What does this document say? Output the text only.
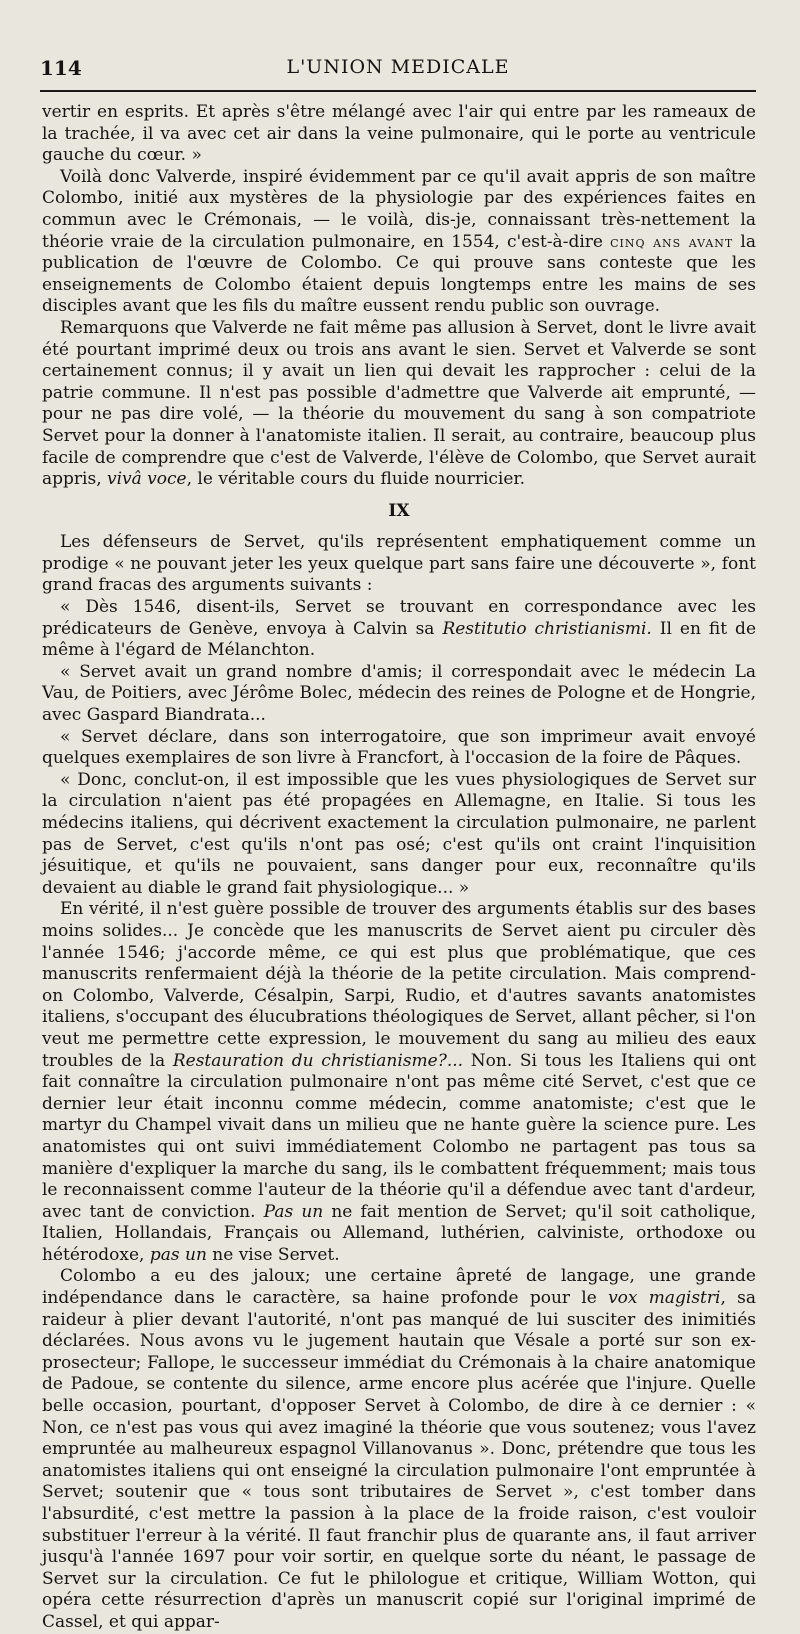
114	L'UNION MEDICALE

vertir en esprits. Et après s'être mélangé avec l'air qui entre par les rameaux de la trachée, il va avec cet air dans la veine pulmonaire, qui le porte au ventricule gauche du cœur. »

Voilà donc Valverde, inspiré évidemment par ce qu'il avait appris de son maître Colombo, initié aux mystères de la physiologie par des expériences faites en commun avec le Crémonais, — le voilà, dis-je, connaissant très-nettement la théorie vraie de la circulation pulmonaire, en 1554, c'est-à-dire cinq ans avant la publication de l'œuvre de Colombo. Ce qui prouve sans conteste que les enseignements de Colombo étaient depuis longtemps entre les mains de ses disciples avant que les fils du maître eussent rendu public son ouvrage.

Remarquons que Valverde ne fait même pas allusion à Servet, dont le livre avait été pourtant imprimé deux ou trois ans avant le sien. Servet et Valverde se sont certainement connus; il y avait un lien qui devait les rapprocher : celui de la patrie commune. Il n'est pas possible d'admettre que Valverde ait emprunté, — pour ne pas dire volé, — la théorie du mouvement du sang à son compatriote Servet pour la donner à l'anatomiste italien. Il serait, au contraire, beaucoup plus facile de comprendre que c'est de Valverde, l'élève de Colombo, que Servet aurait appris, vivâ voce, le véritable cours du fluide nourricier.

IX

Les défenseurs de Servet, qu'ils représentent emphatiquement comme un prodige « ne pouvant jeter les yeux quelque part sans faire une découverte », font grand fracas des arguments suivants :

« Dès 1546, disent-ils, Servet se trouvant en correspondance avec les prédicateurs de Genève, envoya à Calvin sa Restitutio christianismi. Il en fit de même à l'égard de Mélanchton.

« Servet avait un grand nombre d'amis; il correspondait avec le médecin La Vau, de Poitiers, avec Jérôme Bolec, médecin des reines de Pologne et de Hongrie, avec Gaspard Biandrata...

« Servet déclare, dans son interrogatoire, que son imprimeur avait envoyé quelques exemplaires de son livre à Francfort, à l'occasion de la foire de Pâques.

« Donc, conclut-on, il est impossible que les vues physiologiques de Servet sur la circulation n'aient pas été propagées en Allemagne, en Italie. Si tous les médecins italiens, qui décrivent exactement la circulation pulmonaire, ne parlent pas de Servet, c'est qu'ils n'ont pas osé; c'est qu'ils ont craint l'inquisition jésuitique, et qu'ils ne pouvaient, sans danger pour eux, reconnaître qu'ils devaient au diable le grand fait physiologique... »

En vérité, il n'est guère possible de trouver des arguments établis sur des bases moins solides... Je concède que les manuscrits de Servet aient pu circuler dès l'année 1546; j'accorde même, ce qui est plus que problématique, que ces manuscrits renfermaient déjà la théorie de la petite circulation. Mais comprend-on Colombo, Valverde, Césalpin, Sarpi, Rudio, et d'autres savants anatomistes italiens, s'occupant des élucubrations théologiques de Servet, allant pêcher, si l'on veut me permettre cette expression, le mouvement du sang au milieu des eaux troubles de la Restauration du christianisme?... Non. Si tous les Italiens qui ont fait connaître la circulation pulmonaire n'ont pas même cité Servet, c'est que ce dernier leur était inconnu comme médecin, comme anatomiste; c'est que le martyr du Champel vivait dans un milieu que ne hante guère la science pure. Les anatomistes qui ont suivi immédiatement Colombo ne partagent pas tous sa manière d'expliquer la marche du sang, ils le combattent fréquemment; mais tous le reconnaissent comme l'auteur de la théorie qu'il a défendue avec tant d'ardeur, avec tant de conviction. Pas un ne fait mention de Servet; qu'il soit catholique, Italien, Hollandais, Français ou Allemand, luthérien, calviniste, orthodoxe ou hétérodoxe, pas un ne vise Servet.

Colombo a eu des jaloux; une certaine âpreté de langage, une grande indépendance dans le caractère, sa haine profonde pour le vox magistri, sa raideur à plier devant l'autorité, n'ont pas manqué de lui susciter des inimitiés déclarées. Nous avons vu le jugement hautain que Vésale a porté sur son ex-prosecteur; Fallope, le successeur immédiat du Crémonais à la chaire anatomique de Padoue, se contente du silence, arme encore plus acérée que l'injure. Quelle belle occasion, pourtant, d'opposer Servet à Colombo, de dire à ce dernier : « Non, ce n'est pas vous qui avez imaginé la théorie que vous soutenez; vous l'avez empruntée au malheureux espagnol Villanovanus ». Donc, prétendre que tous les anatomistes italiens qui ont enseigné la circulation pulmonaire l'ont empruntée à Servet; soutenir que « tous sont tributaires de Servet », c'est tomber dans l'absurdité, c'est mettre la passion à la place de la froide raison, c'est vouloir substituer l'erreur à la vérité. Il faut franchir plus de quarante ans, il faut arriver jusqu'à l'année 1697 pour voir sortir, en quelque sorte du néant, le passage de Servet sur la circulation. Ce fut le philologue et critique, William Wotton, qui opéra cette résurrection d'après un manuscrit copié sur l'original imprimé de Cassel, et qui appar-
